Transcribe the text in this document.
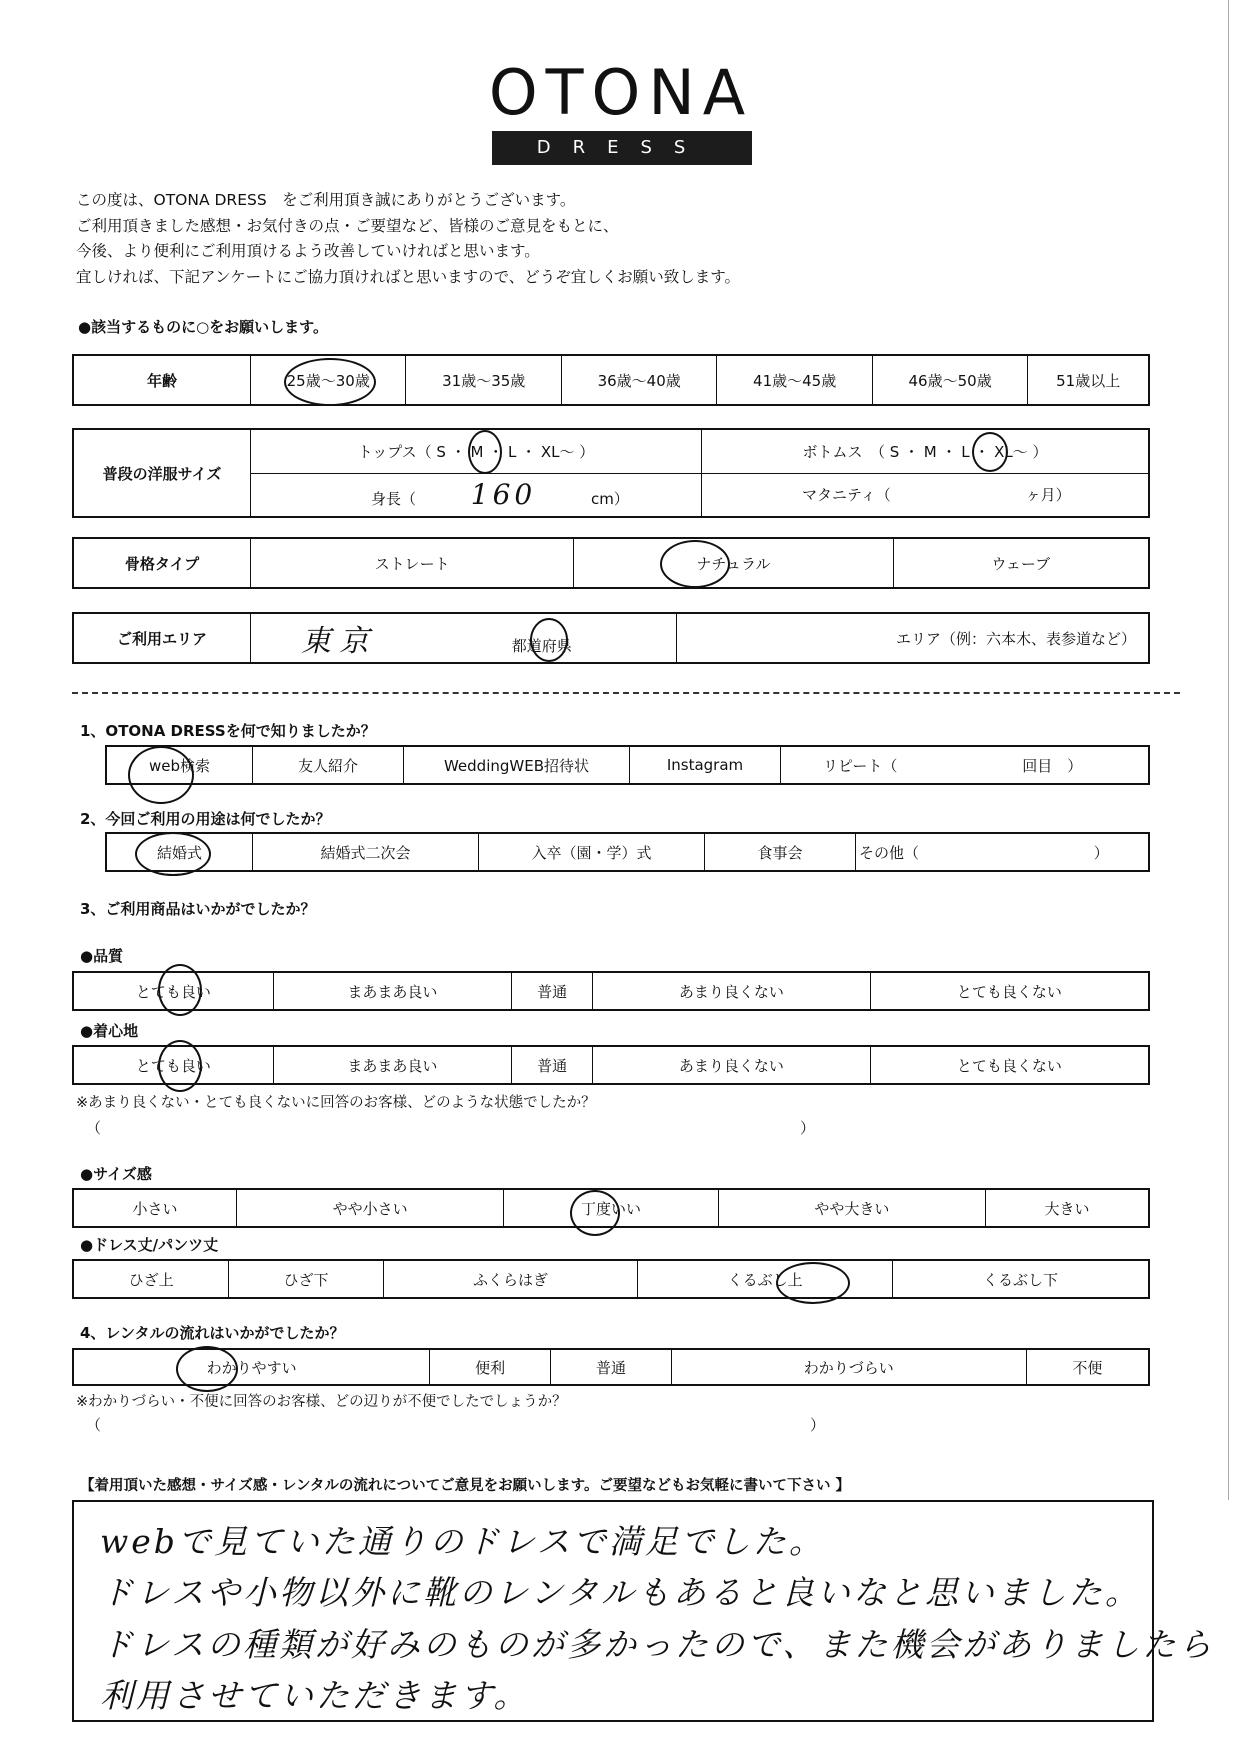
OTONA
DRESS
この度は、OTONA DRESS　をご利用頂き誠にありがとうございます。
ご利用頂きました感想・お気付きの点・ご要望など、皆様のご意見をもとに、
今後、より便利にご利用頂けるよう改善していければと思います。
宜しければ、下記アンケートにご協力頂ければと思いますので、どうぞ宜しくお願い致します。
●該当するものに○をお願いします。
年齢	25歳〜30歳	31歳〜35歳	36歳〜40歳	41歳〜45歳	46歳〜50歳	51歳以上
普段の洋服サイズ	トップス（ S ・ M ・ L ・ XL〜 ）	ボトムス　（ S ・ M ・ L ・ XL〜 ）
	身長（ 160 cm）	マタニティ（ ヶ月）
骨格タイプ	ストレート	ナチュラル	ウェーブ
ご利用エリア	東京	都道府県	エリア（例：六本木、表参道など）
1、OTONA DRESSを何で知りましたか？
web検索	友人紹介	WeddingWEB招待状	Instagram	リピート（	回目　）
2、今回ご利用の用途は何でしたか？
結婚式	結婚式二次会	入卒（園・学）式	食事会	その他（	）
3、ご利用商品はいかがでしたか？
●品質
とても良い	まあまあ良い	普通	あまり良くない	とても良くない
●着心地
とても良い	まあまあ良い	普通	あまり良くない	とても良くない
※あまり良くない・とても良くないに回答のお客様、どのような状態でしたか？
（	）
●サイズ感
小さい	やや小さい	丁度いい	やや大きい	大きい
●ドレス丈/パンツ丈
ひざ上	ひざ下	ふくらはぎ	くるぶし上	くるぶし下
4、レンタルの流れはいかがでしたか？
わかりやすい	便利	普通	わかりづらい	不便
※わかりづらい・不便に回答のお客様、どの辺りが不便でしたでしょうか？
（	）
【着用頂いた感想・サイズ感・レンタルの流れについてご意見をお願いします。ご要望などもお気軽に書いて下さい 】
webで見ていた通りのドレスで満足でした。
ドレスや小物以外に靴のレンタルもあると良いなと思いました。
ドレスの種類が好みのものが多かったので、また機会がありましたら
利用させていただきます。
